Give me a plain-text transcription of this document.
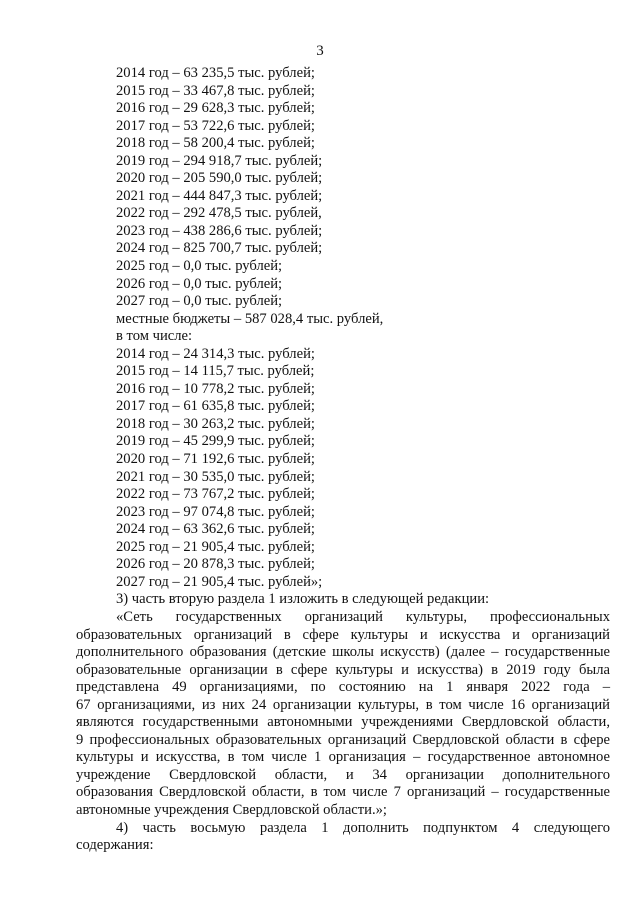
3
2014 год – 63 235,5 тыс. рублей;
2015 год – 33 467,8 тыс. рублей;
2016 год – 29 628,3 тыс. рублей;
2017 год – 53 722,6 тыс. рублей;
2018 год – 58 200,4 тыс. рублей;
2019 год – 294 918,7 тыс. рублей;
2020 год – 205 590,0 тыс. рублей;
2021 год – 444 847,3 тыс. рублей;
2022 год – 292 478,5 тыс. рублей,
2023 год – 438 286,6 тыс. рублей;
2024 год – 825 700,7 тыс. рублей;
2025 год – 0,0 тыс. рублей;
2026 год – 0,0 тыс. рублей;
2027 год – 0,0 тыс. рублей;
местные бюджеты – 587 028,4 тыс. рублей,
в том числе:
2014 год – 24 314,3 тыс. рублей;
2015 год – 14 115,7 тыс. рублей;
2016 год – 10 778,2 тыс. рублей;
2017 год – 61 635,8 тыс. рублей;
2018 год – 30 263,2 тыс. рублей;
2019 год – 45 299,9 тыс. рублей;
2020 год – 71 192,6 тыс. рублей;
2021 год – 30 535,0 тыс. рублей;
2022 год – 73 767,2 тыс. рублей;
2023 год – 97 074,8 тыс. рублей;
2024 год – 63 362,6 тыс. рублей;
2025 год – 21 905,4 тыс. рублей;
2026 год – 20 878,3 тыс. рублей;
2027 год – 21 905,4 тыс. рублей»;
3) часть вторую раздела 1 изложить в следующей редакции:
«Сеть государственных организаций культуры, профессиональных
образовательных организаций в сфере культуры и искусства и организаций
дополнительного образования (детские школы искусств) (далее – государственные
образовательные организации в сфере культуры и искусства) в 2019 году была
представлена 49 организациями, по состоянию на 1 января 2022 года –
67 организациями, из них 24 организации культуры, в том числе 16 организаций
являются государственными автономными учреждениями Свердловской области,
9 профессиональных образовательных организаций Свердловской области в сфере
культуры и искусства, в том числе 1 организация – государственное автономное
учреждение Свердловской области, и 34 организации дополнительного
образования Свердловской области, в том числе 7 организаций – государственные
автономные учреждения Свердловской области.»;
4) часть восьмую раздела 1 дополнить подпунктом 4 следующего
содержания:
